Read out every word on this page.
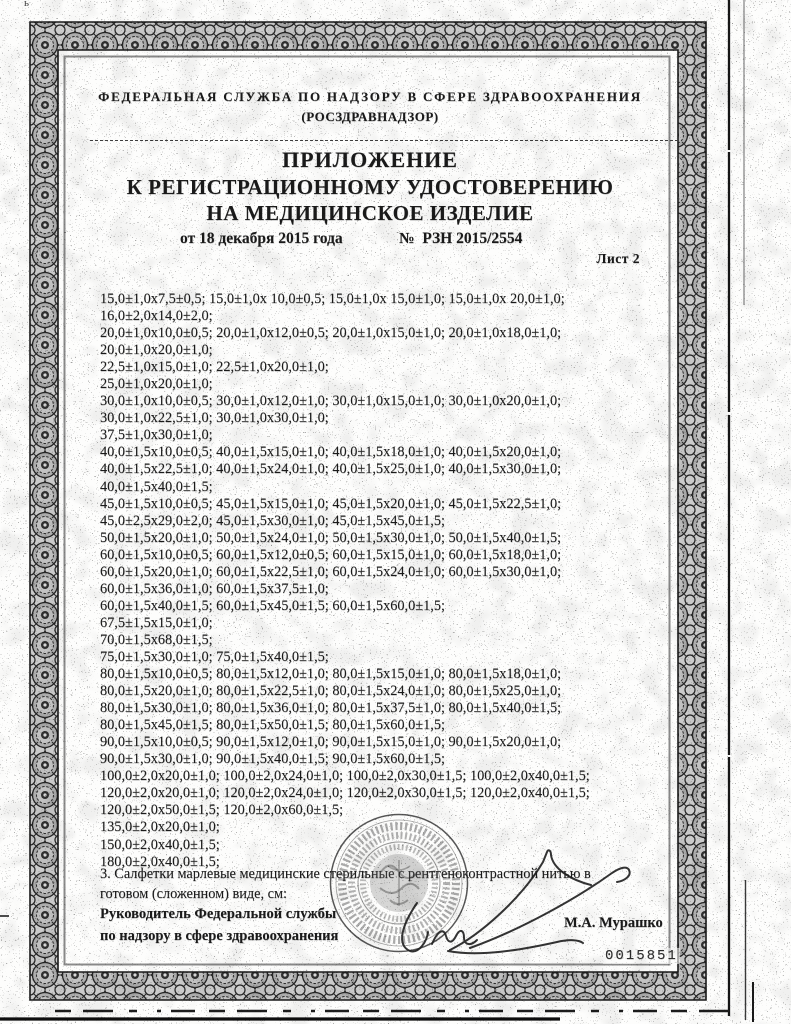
ФЕДЕРАЛЬНАЯ СЛУЖБА ПО НАДЗОРУ В СФЕРЕ ЗДРАВООХРАНЕНИЯ
(РОСЗДРАВНАДЗОР)
ПРИЛОЖЕНИЕ
К РЕГИСТРАЦИОННОМУ УДОСТОВЕРЕНИЮ
НА МЕДИЦИНСКОЕ ИЗДЕЛИЕ
от 18 декабря 2015 года	№  РЗН 2015/2554
Лист 2
15,0±1,0х7,5±0,5; 15,0±1,0х 10,0±0,5; 15,0±1,0х 15,0±1,0; 15,0±1,0х 20,0±1,0;
16,0±2,0х14,0±2,0;
20,0±1,0х10,0±0,5; 20,0±1,0х12,0±0,5; 20,0±1,0х15,0±1,0; 20,0±1,0х18,0±1,0;
20,0±1,0х20,0±1,0;
22,5±1,0х15,0±1,0; 22,5±1,0х20,0±1,0;
25,0±1,0х20,0±1,0;
30,0±1,0х10,0±0,5; 30,0±1,0х12,0±1,0; 30,0±1,0х15,0±1,0; 30,0±1,0х20,0±1,0;
30,0±1,0х22,5±1,0; 30,0±1,0х30,0±1,0;
37,5±1,0х30,0±1,0;
40,0±1,5х10,0±0,5; 40,0±1,5х15,0±1,0; 40,0±1,5х18,0±1,0; 40,0±1,5х20,0±1,0;
40,0±1,5х22,5±1,0; 40,0±1,5х24,0±1,0; 40,0±1,5х25,0±1,0; 40,0±1,5х30,0±1,0;
40,0±1,5х40,0±1,5;
45,0±1,5х10,0±0,5; 45,0±1,5х15,0±1,0; 45,0±1,5х20,0±1,0; 45,0±1,5х22,5±1,0;
45,0±2,5х29,0±2,0; 45,0±1,5х30,0±1,0; 45,0±1,5х45,0±1,5;
50,0±1,5х20,0±1,0; 50,0±1,5х24,0±1,0; 50,0±1,5х30,0±1,0; 50,0±1,5х40,0±1,5;
60,0±1,5х10,0±0,5; 60,0±1,5х12,0±0,5; 60,0±1,5х15,0±1,0; 60,0±1,5х18,0±1,0;
60,0±1,5х20,0±1,0; 60,0±1,5х22,5±1,0; 60,0±1,5х24,0±1,0; 60,0±1,5х30,0±1,0;
60,0±1,5х36,0±1,0; 60,0±1,5х37,5±1,0;
60,0±1,5х40,0±1,5; 60,0±1,5х45,0±1,5; 60,0±1,5х60,0±1,5;
67,5±1,5х15,0±1,0;
70,0±1,5х68,0±1,5;
75,0±1,5х30,0±1,0; 75,0±1,5х40,0±1,5;
80,0±1,5х10,0±0,5; 80,0±1,5х12,0±1,0; 80,0±1,5х15,0±1,0; 80,0±1,5х18,0±1,0;
80,0±1,5х20,0±1,0; 80,0±1,5х22,5±1,0; 80,0±1,5х24,0±1,0; 80,0±1,5х25,0±1,0;
80,0±1,5х30,0±1,0; 80,0±1,5х36,0±1,0; 80,0±1,5х37,5±1,0; 80,0±1,5х40,0±1,5;
80,0±1,5х45,0±1,5; 80,0±1,5х50,0±1,5; 80,0±1,5х60,0±1,5;
90,0±1,5х10,0±0,5; 90,0±1,5х12,0±1,0; 90,0±1,5х15,0±1,0; 90,0±1,5х20,0±1,0;
90,0±1,5х30,0±1,0; 90,0±1,5х40,0±1,5; 90,0±1,5х60,0±1,5;
100,0±2,0х20,0±1,0; 100,0±2,0х24,0±1,0; 100,0±2,0х30,0±1,5; 100,0±2,0х40,0±1,5;
120,0±2,0х20,0±1,0; 120,0±2,0х24,0±1,0; 120,0±2,0х30,0±1,5; 120,0±2,0х40,0±1,5;
120,0±2,0х50,0±1,5; 120,0±2,0х60,0±1,5;
135,0±2,0х20,0±1,0;
150,0±2,0х40,0±1,5;
180,0±2,0х40,0±1,5;
3. Салфетки марлевые медицинские стерильные с рентгеноконтрастной нитью в
готовом (сложенном) виде, см:
Руководитель Федеральной службы
по надзору в сфере здравоохранения
М.А. Мурашко
0015851
ь
